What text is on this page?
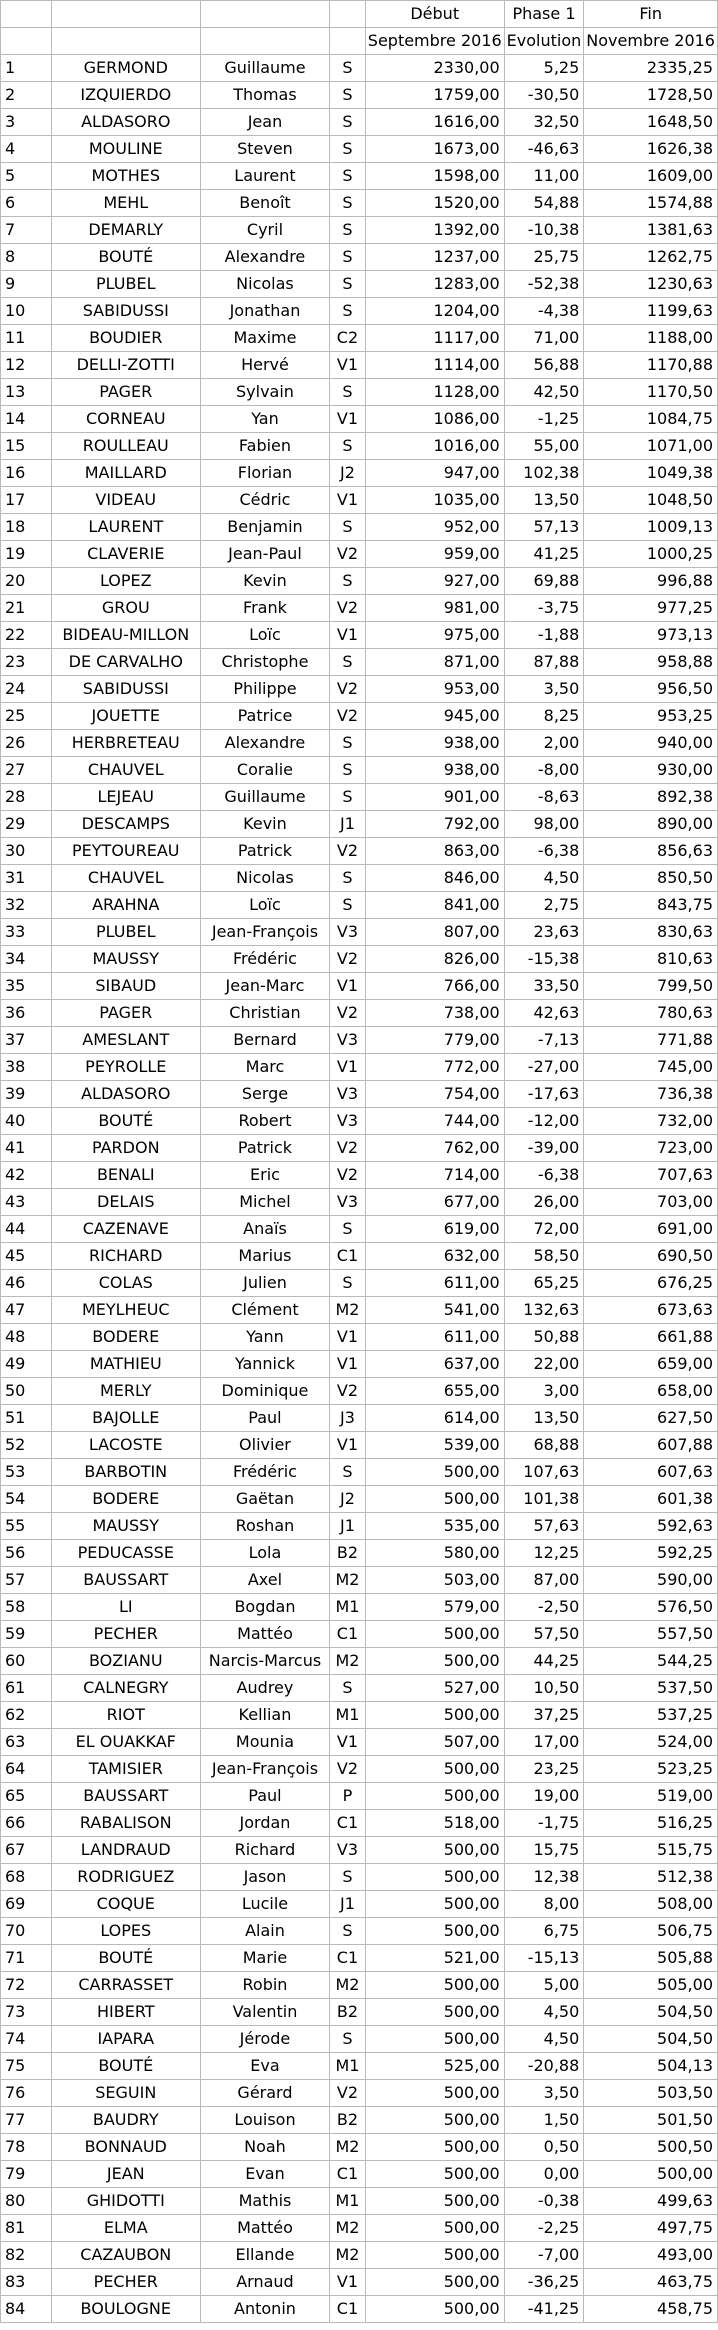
				Début	Phase 1	Fin
				Septembre 2016	Evolution	Novembre 2016
1	GERMOND	Guillaume	S	2330,00	5,25	2335,25
2	IZQUIERDO	Thomas	S	1759,00	-30,50	1728,50
3	ALDASORO	Jean	S	1616,00	32,50	1648,50
4	MOULINE	Steven	S	1673,00	-46,63	1626,38
5	MOTHES	Laurent	S	1598,00	11,00	1609,00
6	MEHL	Benoît	S	1520,00	54,88	1574,88
7	DEMARLY	Cyril	S	1392,00	-10,38	1381,63
8	BOUTÉ	Alexandre	S	1237,00	25,75	1262,75
9	PLUBEL	Nicolas	S	1283,00	-52,38	1230,63
10	SABIDUSSI	Jonathan	S	1204,00	-4,38	1199,63
11	BOUDIER	Maxime	C2	1117,00	71,00	1188,00
12	DELLI-ZOTTI	Hervé	V1	1114,00	56,88	1170,88
13	PAGER	Sylvain	S	1128,00	42,50	1170,50
14	CORNEAU	Yan	V1	1086,00	-1,25	1084,75
15	ROULLEAU	Fabien	S	1016,00	55,00	1071,00
16	MAILLARD	Florian	J2	947,00	102,38	1049,38
17	VIDEAU	Cédric	V1	1035,00	13,50	1048,50
18	LAURENT	Benjamin	S	952,00	57,13	1009,13
19	CLAVERIE	Jean-Paul	V2	959,00	41,25	1000,25
20	LOPEZ	Kevin	S	927,00	69,88	996,88
21	GROU	Frank	V2	981,00	-3,75	977,25
22	BIDEAU-MILLON	Loïc	V1	975,00	-1,88	973,13
23	DE CARVALHO	Christophe	S	871,00	87,88	958,88
24	SABIDUSSI	Philippe	V2	953,00	3,50	956,50
25	JOUETTE	Patrice	V2	945,00	8,25	953,25
26	HERBRETEAU	Alexandre	S	938,00	2,00	940,00
27	CHAUVEL	Coralie	S	938,00	-8,00	930,00
28	LEJEAU	Guillaume	S	901,00	-8,63	892,38
29	DESCAMPS	Kevin	J1	792,00	98,00	890,00
30	PEYTOUREAU	Patrick	V2	863,00	-6,38	856,63
31	CHAUVEL	Nicolas	S	846,00	4,50	850,50
32	ARAHNA	Loïc	S	841,00	2,75	843,75
33	PLUBEL	Jean-François	V3	807,00	23,63	830,63
34	MAUSSY	Frédéric	V2	826,00	-15,38	810,63
35	SIBAUD	Jean-Marc	V1	766,00	33,50	799,50
36	PAGER	Christian	V2	738,00	42,63	780,63
37	AMESLANT	Bernard	V3	779,00	-7,13	771,88
38	PEYROLLE	Marc	V1	772,00	-27,00	745,00
39	ALDASORO	Serge	V3	754,00	-17,63	736,38
40	BOUTÉ	Robert	V3	744,00	-12,00	732,00
41	PARDON	Patrick	V2	762,00	-39,00	723,00
42	BENALI	Eric	V2	714,00	-6,38	707,63
43	DELAIS	Michel	V3	677,00	26,00	703,00
44	CAZENAVE	Anaïs	S	619,00	72,00	691,00
45	RICHARD	Marius	C1	632,00	58,50	690,50
46	COLAS	Julien	S	611,00	65,25	676,25
47	MEYLHEUC	Clément	M2	541,00	132,63	673,63
48	BODERE	Yann	V1	611,00	50,88	661,88
49	MATHIEU	Yannick	V1	637,00	22,00	659,00
50	MERLY	Dominique	V2	655,00	3,00	658,00
51	BAJOLLE	Paul	J3	614,00	13,50	627,50
52	LACOSTE	Olivier	V1	539,00	68,88	607,88
53	BARBOTIN	Frédéric	S	500,00	107,63	607,63
54	BODERE	Gaëtan	J2	500,00	101,38	601,38
55	MAUSSY	Roshan	J1	535,00	57,63	592,63
56	PEDUCASSE	Lola	B2	580,00	12,25	592,25
57	BAUSSART	Axel	M2	503,00	87,00	590,00
58	LI	Bogdan	M1	579,00	-2,50	576,50
59	PECHER	Mattéo	C1	500,00	57,50	557,50
60	BOZIANU	Narcis-Marcus	M2	500,00	44,25	544,25
61	CALNEGRY	Audrey	S	527,00	10,50	537,50
62	RIOT	Kellian	M1	500,00	37,25	537,25
63	EL OUAKKAF	Mounia	V1	507,00	17,00	524,00
64	TAMISIER	Jean-François	V2	500,00	23,25	523,25
65	BAUSSART	Paul	P	500,00	19,00	519,00
66	RABALISON	Jordan	C1	518,00	-1,75	516,25
67	LANDRAUD	Richard	V3	500,00	15,75	515,75
68	RODRIGUEZ	Jason	S	500,00	12,38	512,38
69	COQUE	Lucile	J1	500,00	8,00	508,00
70	LOPES	Alain	S	500,00	6,75	506,75
71	BOUTÉ	Marie	C1	521,00	-15,13	505,88
72	CARRASSET	Robin	M2	500,00	5,00	505,00
73	HIBERT	Valentin	B2	500,00	4,50	504,50
74	IAPARA	Jérode	S	500,00	4,50	504,50
75	BOUTÉ	Eva	M1	525,00	-20,88	504,13
76	SEGUIN	Gérard	V2	500,00	3,50	503,50
77	BAUDRY	Louison	B2	500,00	1,50	501,50
78	BONNAUD	Noah	M2	500,00	0,50	500,50
79	JEAN	Evan	C1	500,00	0,00	500,00
80	GHIDOTTI	Mathis	M1	500,00	-0,38	499,63
81	ELMA	Mattéo	M2	500,00	-2,25	497,75
82	CAZAUBON	Ellande	M2	500,00	-7,00	493,00
83	PECHER	Arnaud	V1	500,00	-36,25	463,75
84	BOULOGNE	Antonin	C1	500,00	-41,25	458,75
